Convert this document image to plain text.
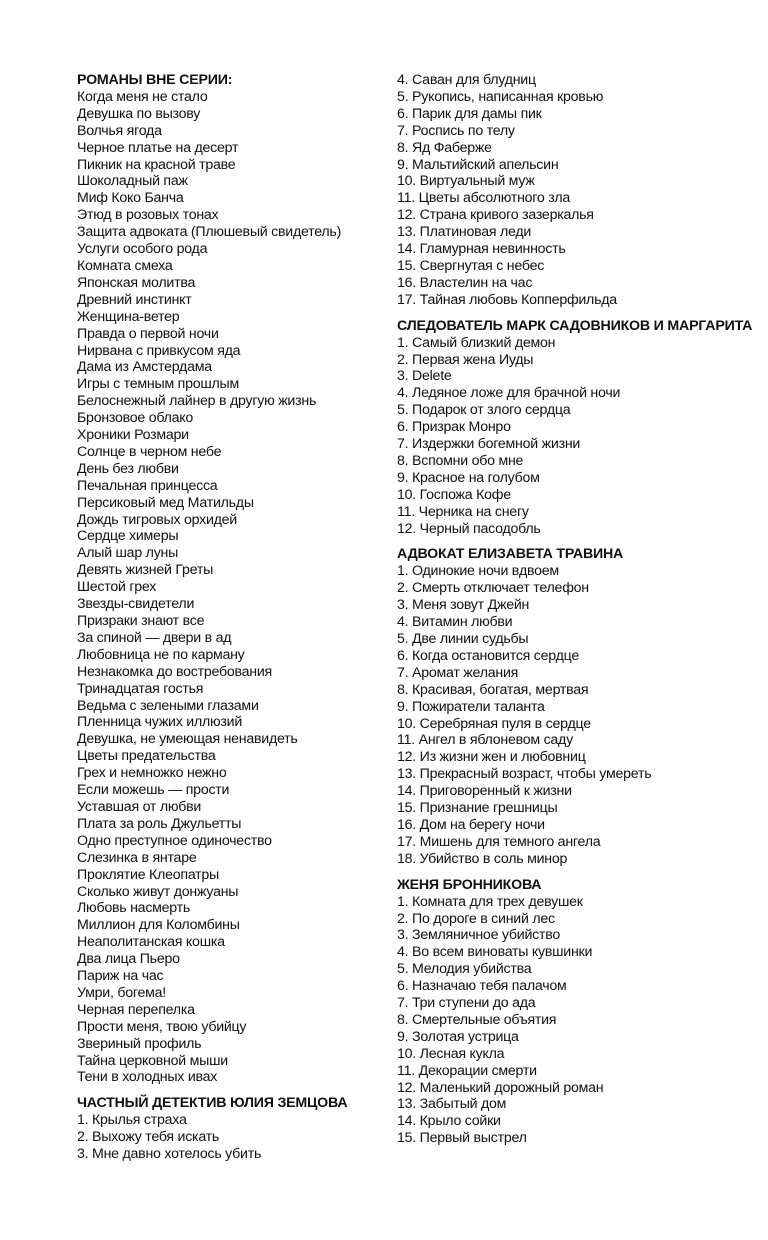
РОМАНЫ ВНЕ СЕРИИ:
Когда меня не стало
Девушка по вызову
Волчья ягода
Черное платье на десерт
Пикник на красной траве
Шоколадный паж
Миф Коко Банча
Этюд в розовых тонах
Защита адвоката (Плюшевый свидетель)
Услуги особого рода
Комната смеха
Японская молитва
Древний инстинкт
Женщина-ветер
Правда о первой ночи
Нирвана с привкусом яда
Дама из Амстердама
Игры с темным прошлым
Белоснежный лайнер в другую жизнь
Бронзовое облако
Хроники Розмари
Солнце в черном небе
День без любви
Печальная принцесса
Персиковый мед Матильды
Дождь тигровых орхидей
Сердце химеры
Алый шар луны
Девять жизней Греты
Шестой грех
Звезды-свидетели
Призраки знают все
За спиной — двери в ад
Любовница не по карману
Незнакомка до востребования
Тринадцатая гостья
Ведьма с зелеными глазами
Пленница чужих иллюзий
Девушка, не умеющая ненавидеть
Цветы предательства
Грех и немножко нежно
Если можешь — прости
Уставшая от любви
Плата за роль Джульетты
Одно преступное одиночество
Слезинка в янтаре
Проклятие Клеопатры
Сколько живут донжуаны
Любовь насмерть
Миллион для Коломбины
Неаполитанская кошка
Два лица Пьеро
Париж на час
Умри, богема!
Черная перепелка
Прости меня, твою убийцу
Звериный профиль
Тайна церковной мыши
Тени в холодных ивах
ЧАСТНЫЙ ДЕТЕКТИВ ЮЛИЯ ЗЕМЦОВА
1. Крылья страха
2. Выхожу тебя искать
3. Мне давно хотелось убить
4. Саван для блудниц
5. Рукопись, написанная кровью
6. Парик для дамы пик
7. Роспись по телу
8. Яд Фаберже
9. Мальтийский апельсин
10. Виртуальный муж
11. Цветы абсолютного зла
12. Страна кривого зазеркалья
13. Платиновая леди
14. Гламурная невинность
15. Свергнутая с небес
16. Властелин на час
17. Тайная любовь Копперфильда
СЛЕДОВАТЕЛЬ МАРК САДОВНИКОВ И МАРГАРИТА
1. Самый близкий демон
2. Первая жена Иуды
3. Delete
4. Ледяное ложе для брачной ночи
5. Подарок от злого сердца
6. Призрак Монро
7. Издержки богемной жизни
8. Вспомни обо мне
9. Красное на голубом
10. Госпожа Кофе
11. Черника на снегу
12. Черный пасодобль
АДВОКАТ ЕЛИЗАВЕТА ТРАВИНА
1. Одинокие ночи вдвоем
2. Смерть отключает телефон
3. Меня зовут Джейн
4. Витамин любви
5. Две линии судьбы
6. Когда остановится сердце
7. Аромат желания
8. Красивая, богатая, мертвая
9. Пожиратели таланта
10. Серебряная пуля в сердце
11. Ангел в яблоневом саду
12. Из жизни жен и любовниц
13. Прекрасный возраст, чтобы умереть
14. Приговоренный к жизни
15. Признание грешницы
16. Дом на берегу ночи
17. Мишень для темного ангела
18. Убийство в соль минор
ЖЕНЯ БРОННИКОВА
1. Комната для трех девушек
2. По дороге в синий лес
3. Земляничное убийство
4. Во всем виноваты кувшинки
5. Мелодия убийства
6. Назначаю тебя палачом
7. Три ступени до ада
8. Смертельные объятия
9. Золотая устрица
10. Лесная кукла
11. Декорации смерти
12. Маленький дорожный роман
13. Забытый дом
14. Крыло сойки
15. Первый выстрел
